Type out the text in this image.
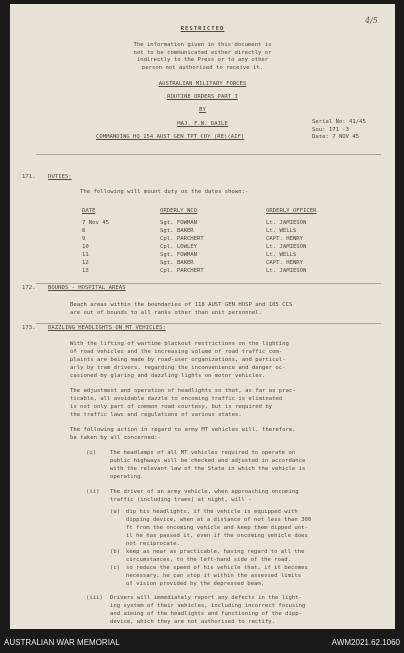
4/5

RESTRICTED

The information given in this document is

not to be communicated either directly or

indirectly to the Press or to any other

person not authorised to receive it.

AUSTRALIAN MILITARY FORCES

ROUTINE ORDERS PART I

BY

MAJ. F.N. DAILE

COMMANDING HQ 154 AUST GEN TPT COY (RE)(AIF)

Serial No: 41/45

Sou: 171 -3

Date: 7 NOV 45

171. DUTIES:

The following will mount duty on the dates shown:-

DATE	ORDERLY NCO	ORDERLY OFFICER

7 Nov 45	Sgt. FOWMAN	Lt. JAMIESON

8	Sgt. BAKER	Lt. WELLS

9	Cpl. PARCHERT	CAPT. HENRY

10	Cpl. LOWLEY	Lt. JAMIESON

11	Sgt. FOWMAN	Lt. WELLS

12	Sgt. BAKER	CAPT. HENRY

13	Cpl. PARCHERT	Lt. JAMIESON

172. BOUNDS - HOSPITAL AREAS

Beach areas within the boundaries of 118 AUST GEN HOSP and 105 CCS

are out of bounds to all ranks other than unit personnel.

173. DAZZLING HEADLIGHTS ON MT VEHICLES:

With the lifting of wartime blackout restrictions on the lighting

of road vehicles and the increasing volume of road traffic com-

plaints are being made by road-user organizations, and particul-

arly by tram drivers, regarding the inconvenience and danger oc-

casioned by glaring and dazzling lights on motor vehicles.

The adjustment and operation of headlights so that, as far as prac-

ticable, all avoidable dazzle to oncoming traffic is eliminated

is not only part of common road courtesy, but is required by

the traffic laws and regulations of various states.

The following action in regard to army MT vehicles will, therefore,

be taken by all concerned:-

(i) The headlamps of all MT vehicles required to operate on

public highways will be checked and adjusted in accordance

with the relevant law of the State in which the vehicle is

operating.

(ii) The driver of an army vehicle, when approaching oncoming

traffic (including trams) at night, will -

(a) dip his headlights, if the vehicle is equipped with

dipping device, when at a distance of not less than 300

ft from the oncoming vehicle and keep them dipped unt-

il he has passed it, even if the oncoming vehicle does

not reciprocate.

(b) keep as near as practicable, having regard to all the

circumstances, to the left-hand side of the road.

(c) so reduce the speed of his vehicle that, if it becomes

necessary, he can stop it within the assessed limits

of vision provided by the depressed beam.

(iii) Drivers will immediately report any defects in the light-

ing system of their vehicles, including incorrect focusing

and aiming of the headlights and functioning of the dipp-

device, which they are not authorised to rectify.

AUSTRALIAN WAR MEMORIAL	AWM2021.62.1060
